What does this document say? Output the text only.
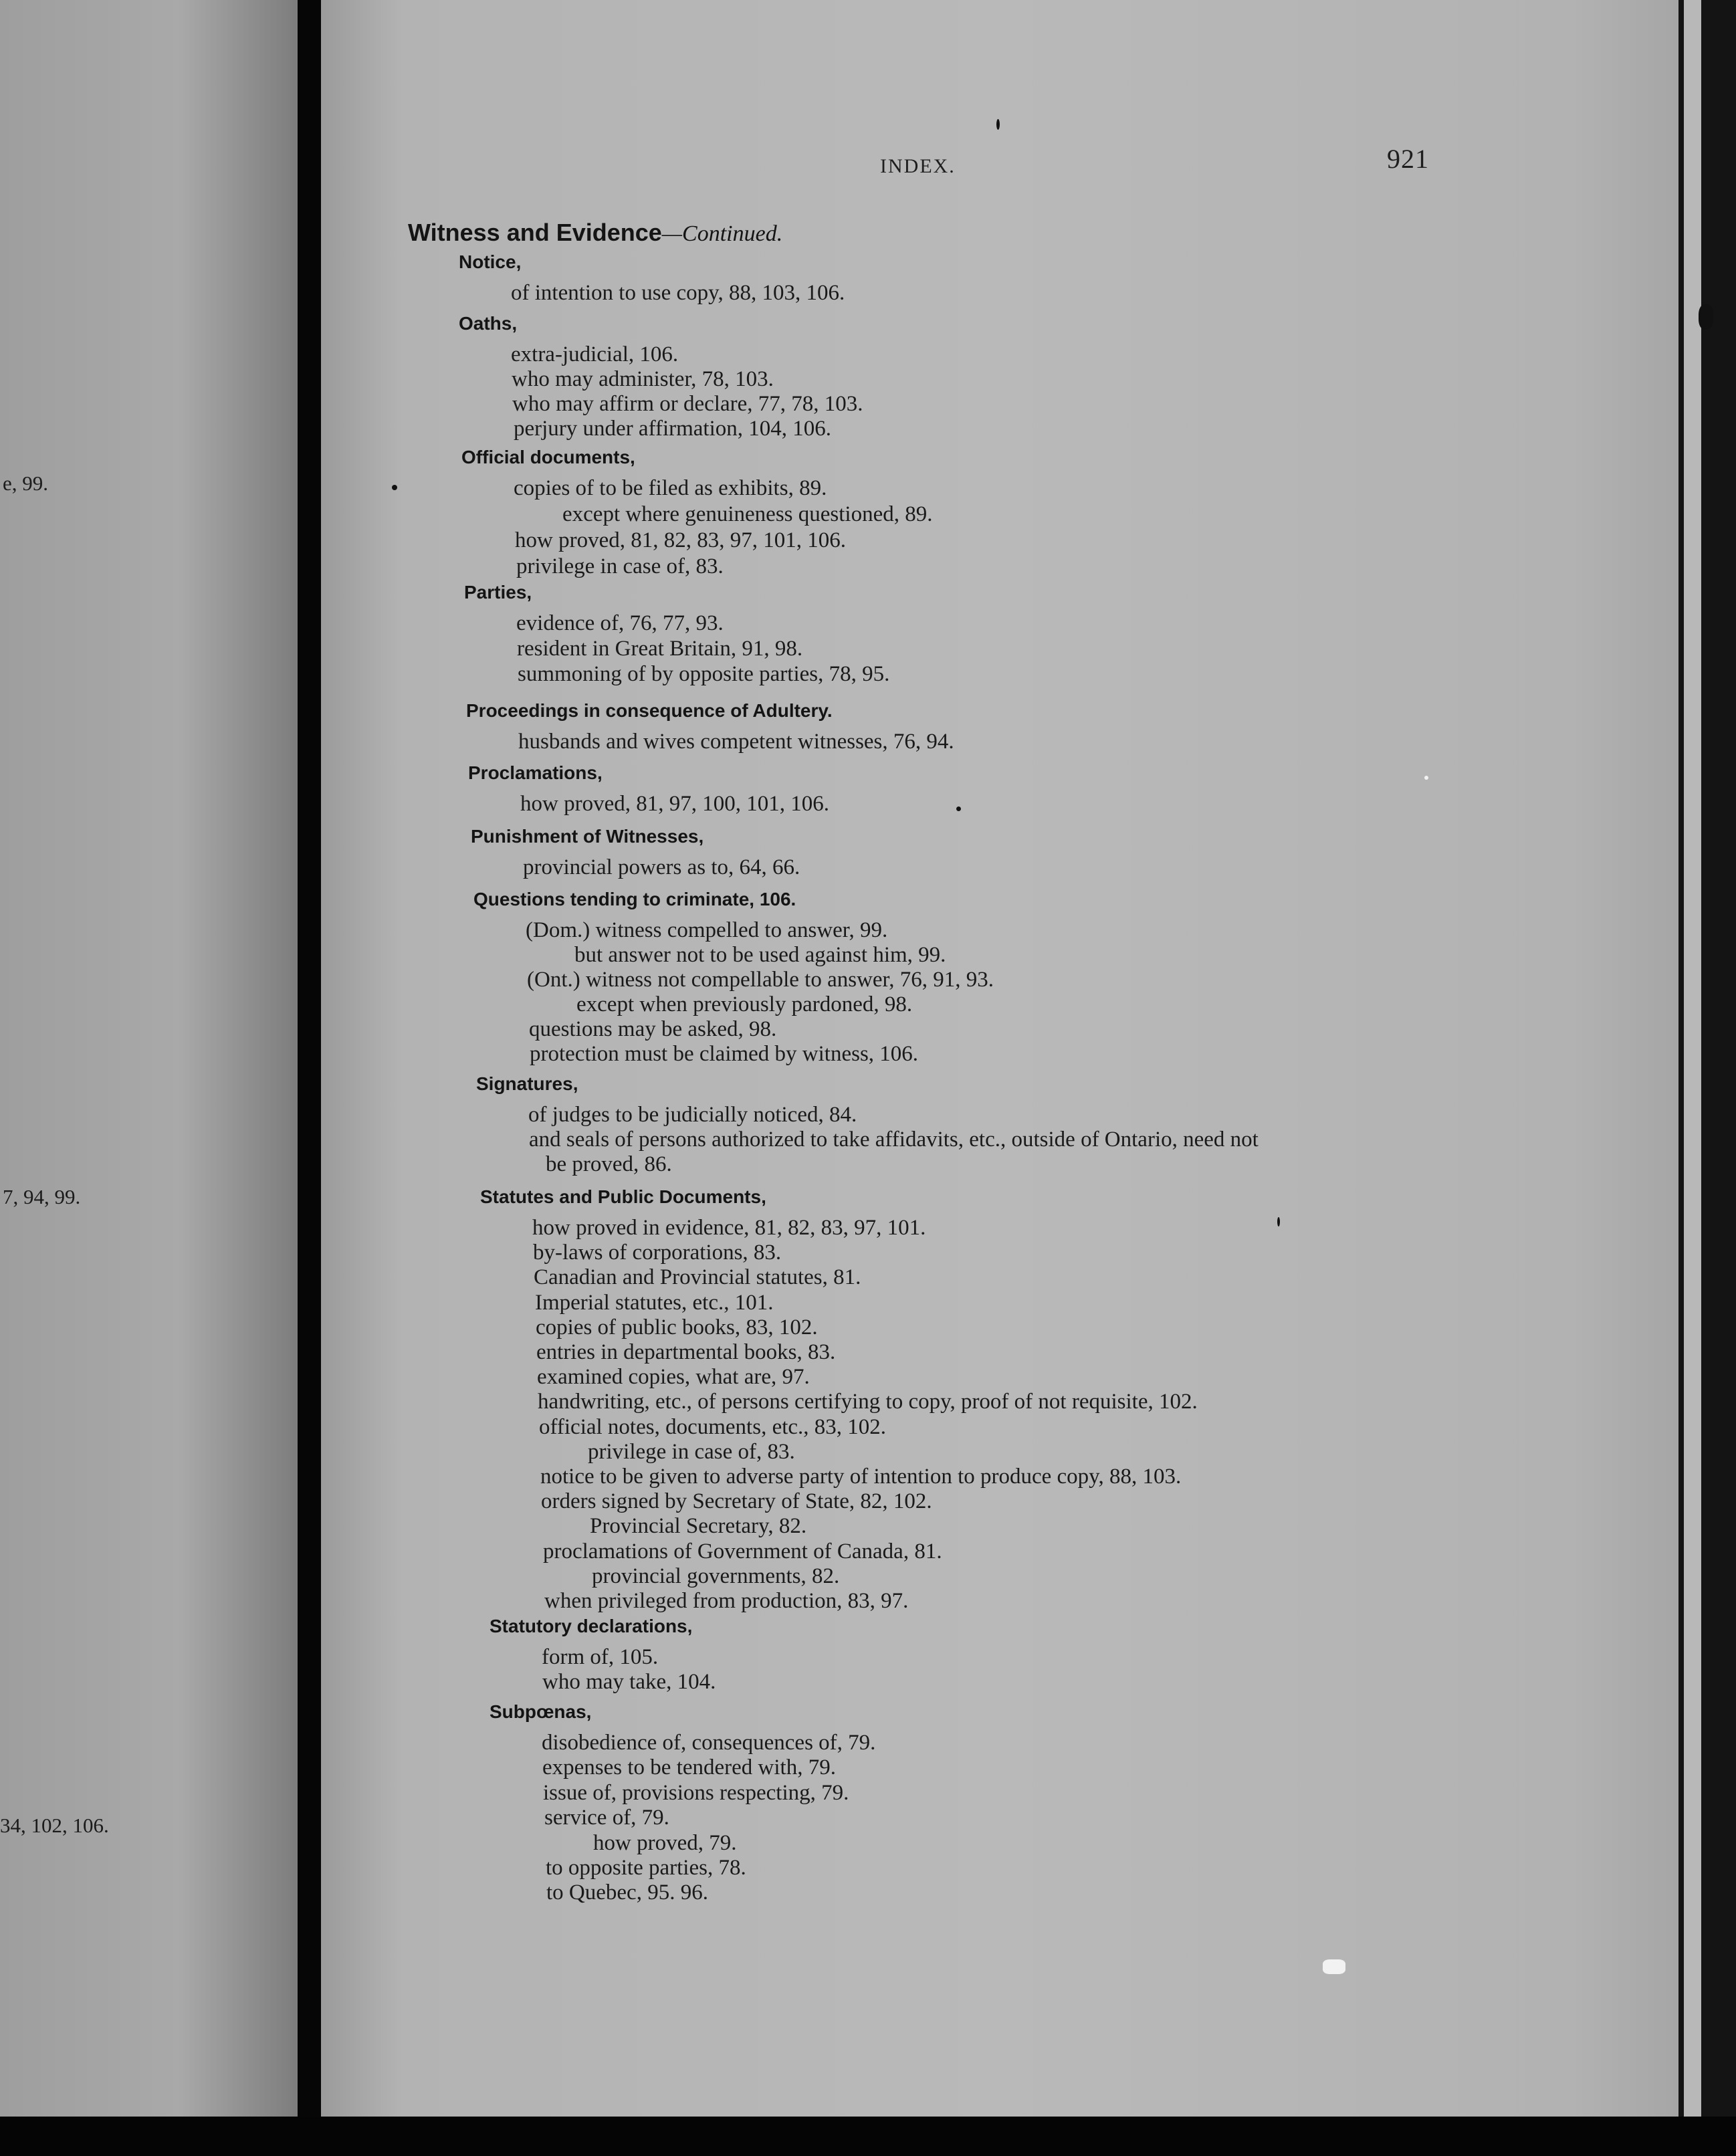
e, 99.
7, 94, 99.
34, 102, 106.
INDEX.	921
Witness and Evidence—Continued.
Notice,
of intention to use copy, 88, 103, 106.
Oaths,
extra-judicial, 106.
who may administer, 78, 103.
who may affirm or declare, 77, 78, 103.
perjury under affirmation, 104, 106.
Official documents,
copies of to be filed as exhibits, 89.
except where genuineness questioned, 89.
how proved, 81, 82, 83, 97, 101, 106.
privilege in case of, 83.
Parties,
evidence of, 76, 77, 93.
resident in Great Britain, 91, 98.
summoning of by opposite parties, 78, 95.
Proceedings in consequence of Adultery.
husbands and wives competent witnesses, 76, 94.
Proclamations,
how proved, 81, 97, 100, 101, 106.
Punishment of Witnesses,
provincial powers as to, 64, 66.
Questions tending to criminate, 106.
(Dom.) witness compelled to answer, 99.
but answer not to be used against him, 99.
(Ont.) witness not compellable to answer, 76, 91, 93.
except when previously pardoned, 98.
questions may be asked, 98.
protection must be claimed by witness, 106.
Signatures,
of judges to be judicially noticed, 84.
and seals of persons authorized to take affidavits, etc., outside of Ontario, need not
be proved, 86.
Statutes and Public Documents,
how proved in evidence, 81, 82, 83, 97, 101.
by-laws of corporations, 83.
Canadian and Provincial statutes, 81.
Imperial statutes, etc., 101.
copies of public books, 83, 102.
entries in departmental books, 83.
examined copies, what are, 97.
handwriting, etc., of persons certifying to copy, proof of not requisite, 102.
official notes, documents, etc., 83, 102.
privilege in case of, 83.
notice to be given to adverse party of intention to produce copy, 88, 103.
orders signed by Secretary of State, 82, 102.
Provincial Secretary, 82.
proclamations of Government of Canada, 81.
provincial governments, 82.
when privileged from production, 83, 97.
Statutory declarations,
form of, 105.
who may take, 104.
Subpœnas,
disobedience of, consequences of, 79.
expenses to be tendered with, 79.
issue of, provisions respecting, 79.
service of, 79.
how proved, 79.
to opposite parties, 78.
to Quebec, 95. 96.
